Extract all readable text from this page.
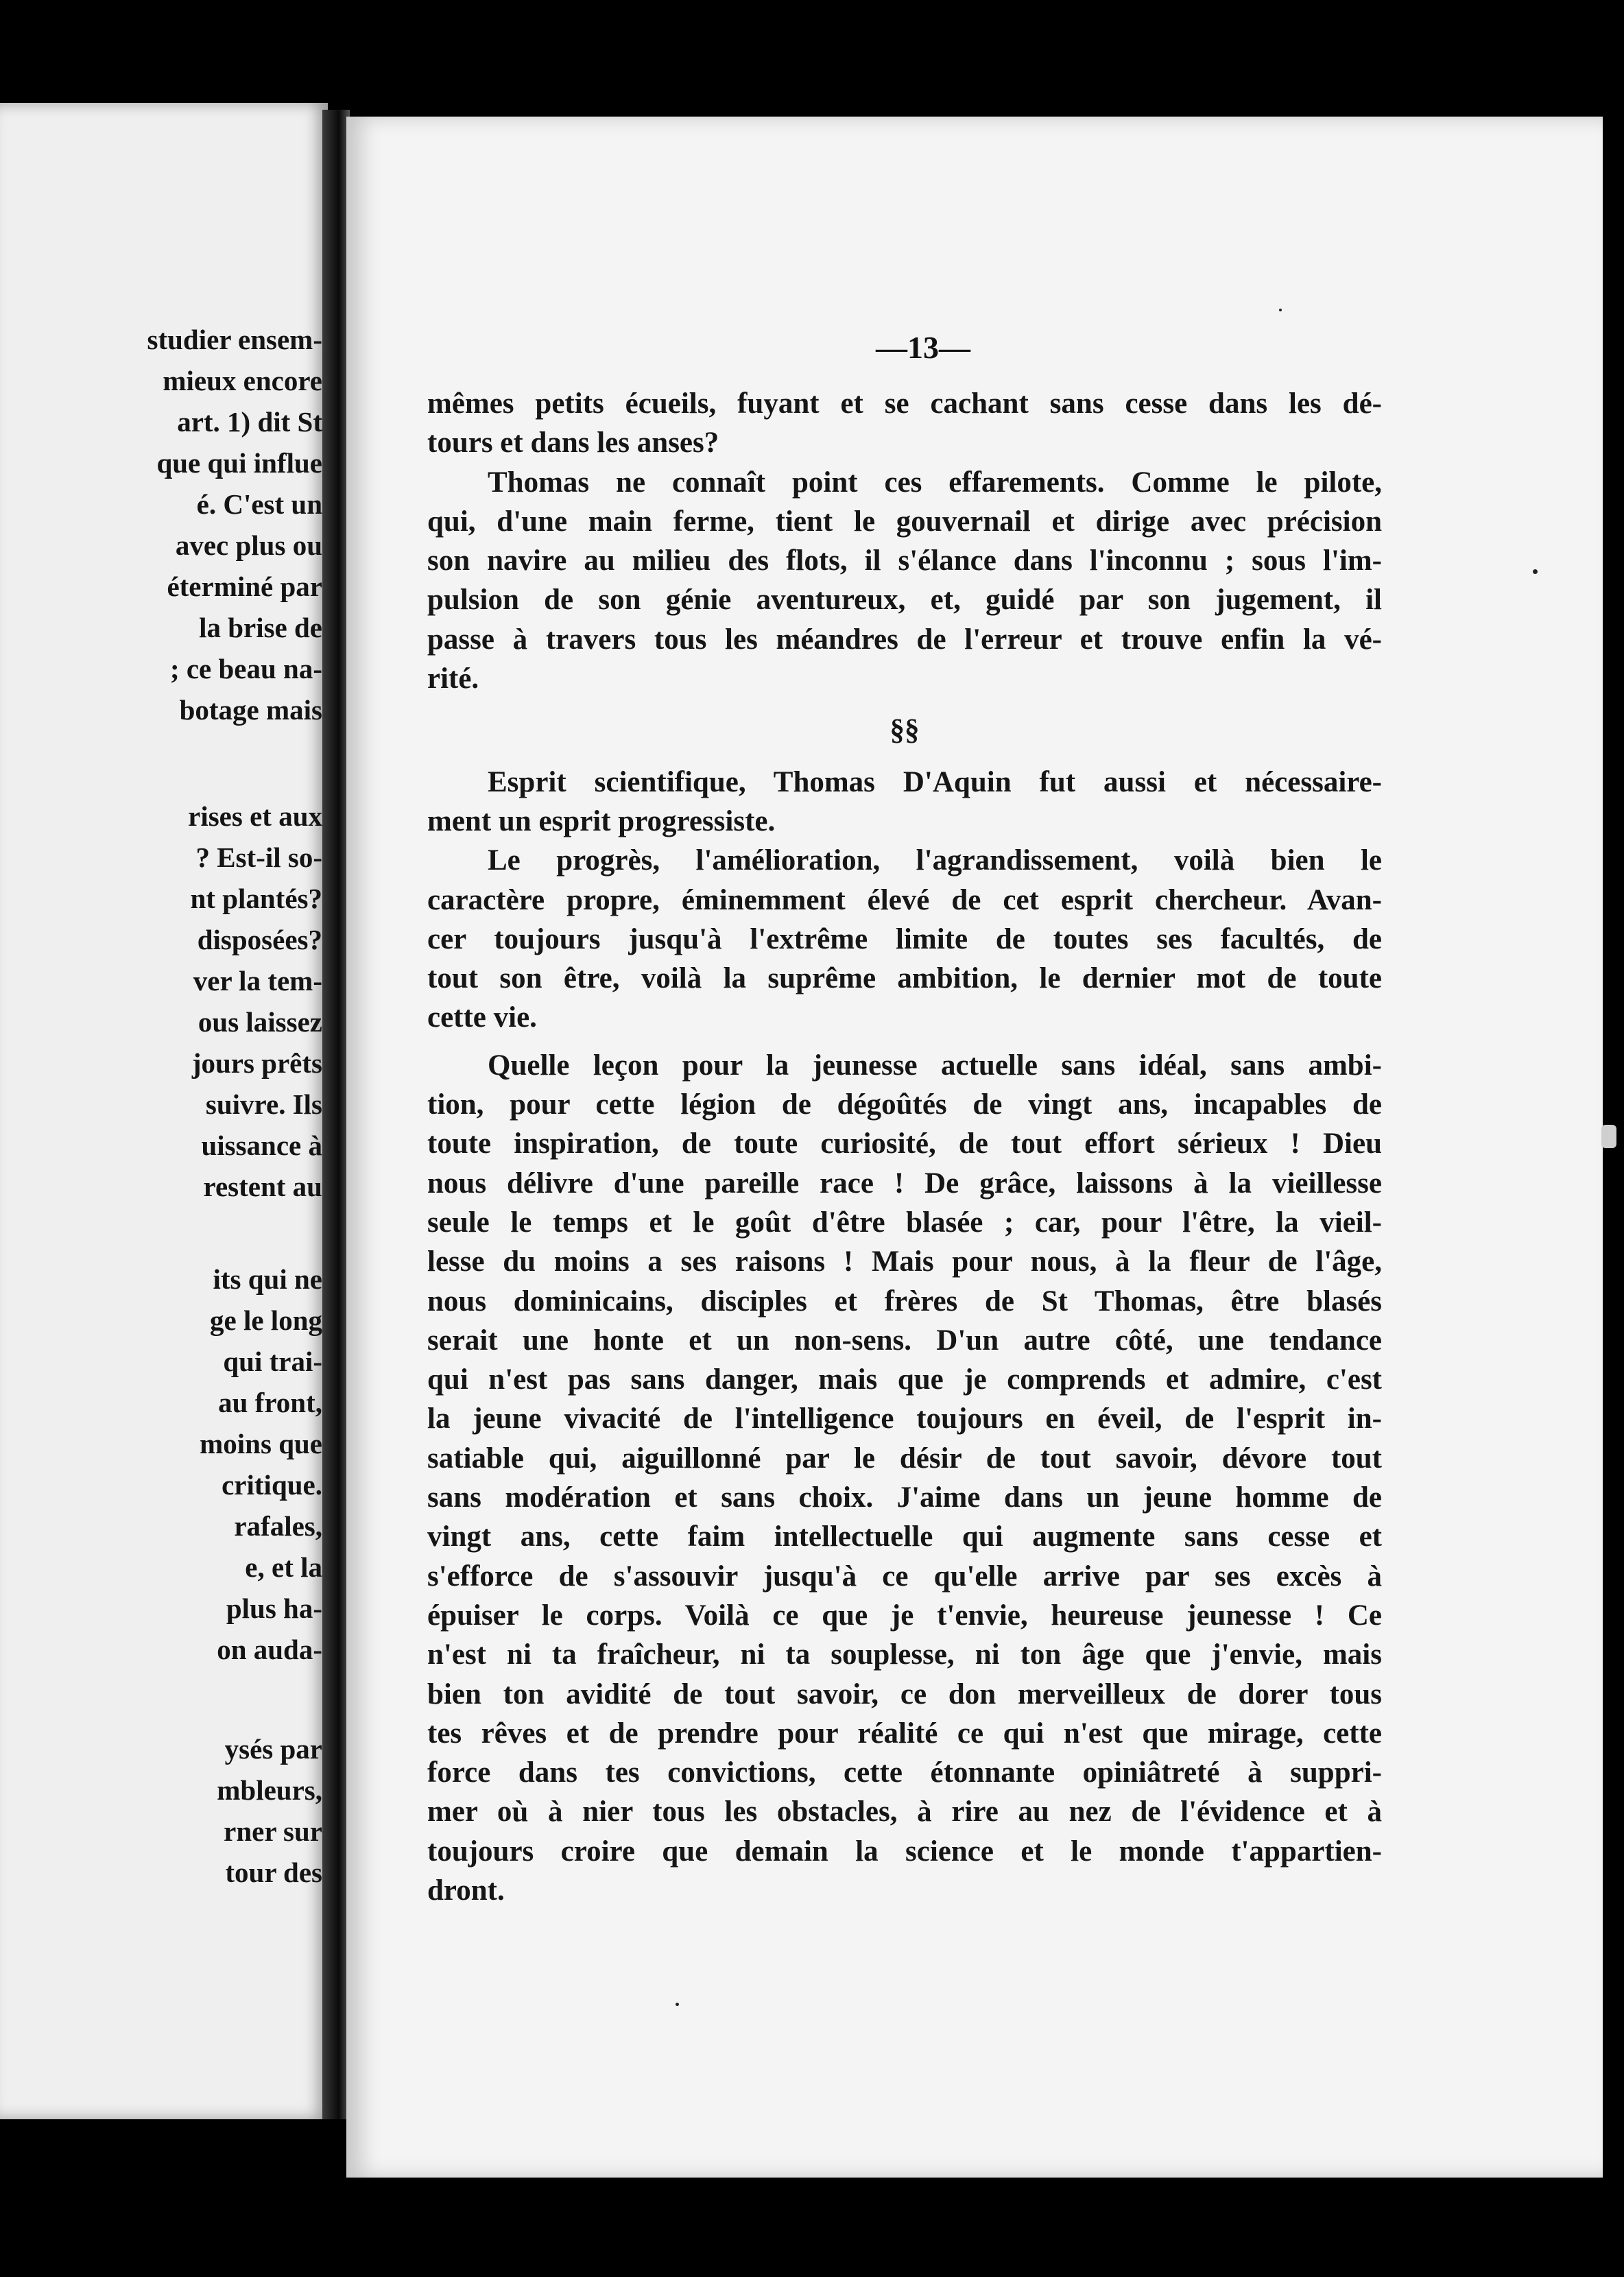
studier ensem-
mieux encore
art. 1) dit St
que qui influe
é. C'est un
avec plus ou
éterminé par
la brise de
; ce beau na-
botage mais
rises et aux
? Est-il so-
nt plantés?
disposées?
ver la tem-
ous laissez
jours prêts
suivre. Ils
uissance à
restent au
its qui ne
ge le long
qui trai-
au front,
moins que
critique.
rafales,
e, et la
plus ha-
on auda-
ysés par
mbleurs,
rner sur
tour des
—13—
mêmes petits écueils, fuyant et se cachant sans cesse dans les dé-
tours et dans les anses?
Thomas ne connaît point ces effarements. Comme le pilote,
qui, d'une main ferme, tient le gouvernail et dirige avec précision
son navire au milieu des flots, il s'élance dans l'inconnu ; sous l'im-
pulsion de son génie aventureux, et, guidé par son jugement, il
passe à travers tous les méandres de l'erreur et trouve enfin la vé-
rité.
§§
Esprit scientifique, Thomas D'Aquin fut aussi et nécessaire-
ment un esprit progressiste.
Le progrès, l'amélioration, l'agrandissement, voilà bien le
caractère propre, éminemment élevé de cet esprit chercheur. Avan-
cer toujours jusqu'à l'extrême limite de toutes ses facultés, de
tout son être, voilà la suprême ambition, le dernier mot de toute
cette vie.
Quelle leçon pour la jeunesse actuelle sans idéal, sans ambi-
tion, pour cette légion de dégoûtés de vingt ans, incapables de
toute inspiration, de toute curiosité, de tout effort sérieux ! Dieu
nous délivre d'une pareille race ! De grâce, laissons à la vieillesse
seule le temps et le goût d'être blasée ; car, pour l'être, la vieil-
lesse du moins a ses raisons ! Mais pour nous, à la fleur de l'âge,
nous dominicains, disciples et frères de St Thomas, être blasés
serait une honte et un non-sens. D'un autre côté, une tendance
qui n'est pas sans danger, mais que je comprends et admire, c'est
la jeune vivacité de l'intelligence toujours en éveil, de l'esprit in-
satiable qui, aiguillonné par le désir de tout savoir, dévore tout
sans modération et sans choix. J'aime dans un jeune homme de
vingt ans, cette faim intellectuelle qui augmente sans cesse et
s'efforce de s'assouvir jusqu'à ce qu'elle arrive par ses excès à
épuiser le corps. Voilà ce que je t'envie, heureuse jeunesse ! Ce
n'est ni ta fraîcheur, ni ta souplesse, ni ton âge que j'envie, mais
bien ton avidité de tout savoir, ce don merveilleux de dorer tous
tes rêves et de prendre pour réalité ce qui n'est que mirage, cette
force dans tes convictions, cette étonnante opiniâtreté à suppri-
mer où à nier tous les obstacles, à rire au nez de l'évidence et à
toujours croire que demain la science et le monde t'appartien-
dront.
